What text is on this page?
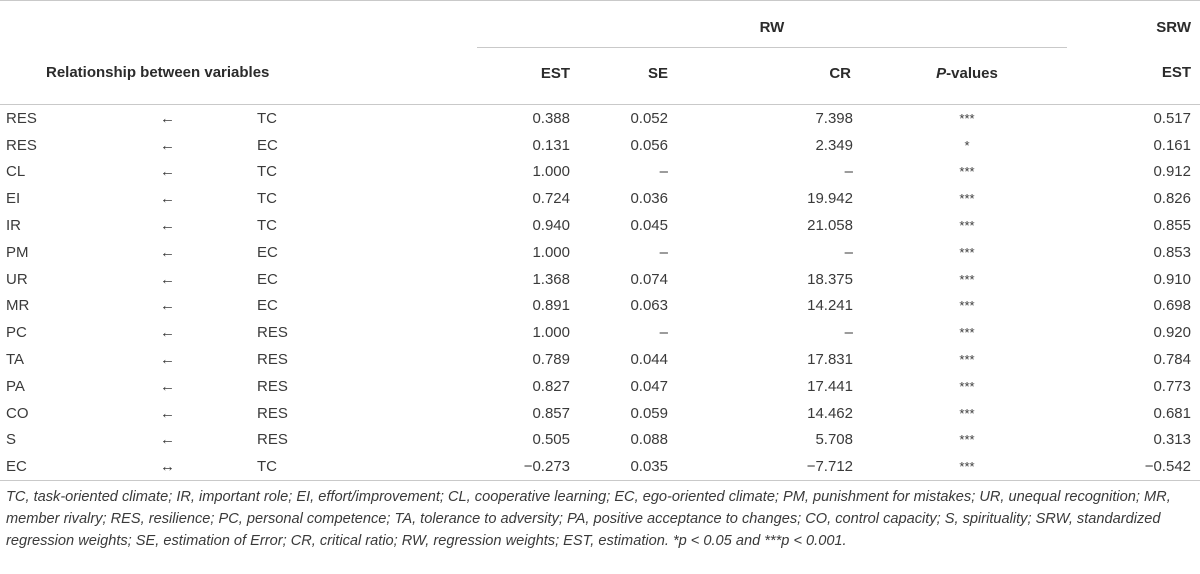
			RW					SRW
Relationship between variables			EST	SE	CR	P-values		EST

RES	←	TC	0.388	0.052	7.398	***		0.517
RES	←	EC	0.131	0.056	2.349	*		0.161
CL	←	TC	1.000	–	–	***		0.912
EI	←	TC	0.724	0.036	19.942	***		0.826
IR	←	TC	0.940	0.045	21.058	***		0.855
PM	←	EC	1.000	–	–	***		0.853
UR	←	EC	1.368	0.074	18.375	***		0.910
MR	←	EC	0.891	0.063	14.241	***		0.698
PC	←	RES	1.000	–	–	***		0.920
TA	←	RES	0.789	0.044	17.831	***		0.784
PA	←	RES	0.827	0.047	17.441	***		0.773
CO	←	RES	0.857	0.059	14.462	***		0.681
S	←	RES	0.505	0.088	5.708	***		0.313
EC	↔	TC	−0.273	0.035	−7.712	***		−0.542
TC, task-oriented climate; IR, important role; EI, effort/improvement; CL, cooperative learning; EC, ego-oriented climate; PM, punishment for mistakes; UR, unequal recognition; MR, member rivalry; RES, resilience; PC, personal competence; TA, tolerance to adversity; PA, positive acceptance to changes; CO, control capacity; S, spirituality; SRW, standardized regression weights; SE, estimation of Error; CR, critical ratio; RW, regression weights; EST, estimation. *p < 0.05 and ***p < 0.001.
